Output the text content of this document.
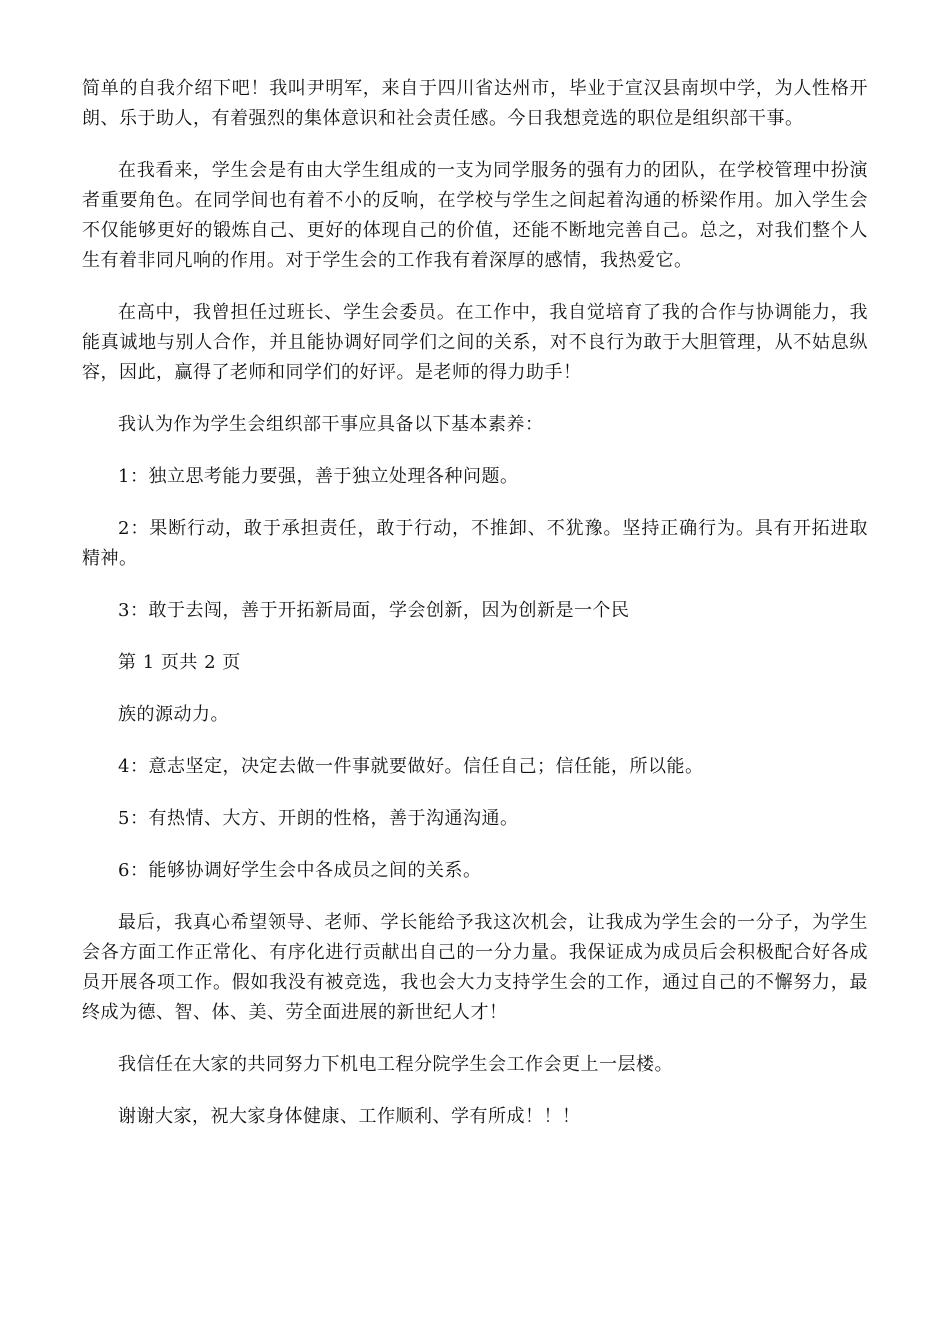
简单的自我介绍下吧！我叫尹明军，来自于四川省达州市，毕业于宣汉县南坝中学，为人性格开朗、乐于助人，有着强烈的集体意识和社会责任感。今日我想竞选的职位是组织部干事。

在我看来，学生会是有由大学生组成的一支为同学服务的强有力的团队，在学校管理中扮演者重要角色。在同学间也有着不小的反响，在学校与学生之间起着沟通的桥梁作用。加入学生会不仅能够更好的锻炼自己、更好的体现自己的价值，还能不断地完善自己。总之，对我们整个人生有着非同凡响的作用。对于学生会的工作我有着深厚的感情，我热爱它。

在高中，我曾担任过班长、学生会委员。在工作中，我自觉培育了我的合作与协调能力，我能真诚地与别人合作，并且能协调好同学们之间的关系，对不良行为敢于大胆管理，从不姑息纵容，因此，赢得了老师和同学们的好评。是老师的得力助手！

我认为作为学生会组织部干事应具备以下基本素养：

1：独立思考能力要强，善于独立处理各种问题。

2：果断行动，敢于承担责任，敢于行动，不推卸、不犹豫。坚持正确行为。具有开拓进取精神。

3：敢于去闯，善于开拓新局面，学会创新，因为创新是一个民

第 1 页共 2 页

族的源动力。

4：意志坚定，决定去做一件事就要做好。信任自己；信任能，所以能。

5：有热情、大方、开朗的性格，善于沟通沟通。

6：能够协调好学生会中各成员之间的关系。

最后，我真心希望领导、老师、学长能给予我这次机会，让我成为学生会的一分子，为学生会各方面工作正常化、有序化进行贡献出自己的一分力量。我保证成为成员后会积极配合好各成员开展各项工作。假如我没有被竞选，我也会大力支持学生会的工作，通过自己的不懈努力，最终成为德、智、体、美、劳全面进展的新世纪人才！

我信任在大家的共同努力下机电工程分院学生会工作会更上一层楼。

谢谢大家，祝大家身体健康、工作顺利、学有所成！！！
